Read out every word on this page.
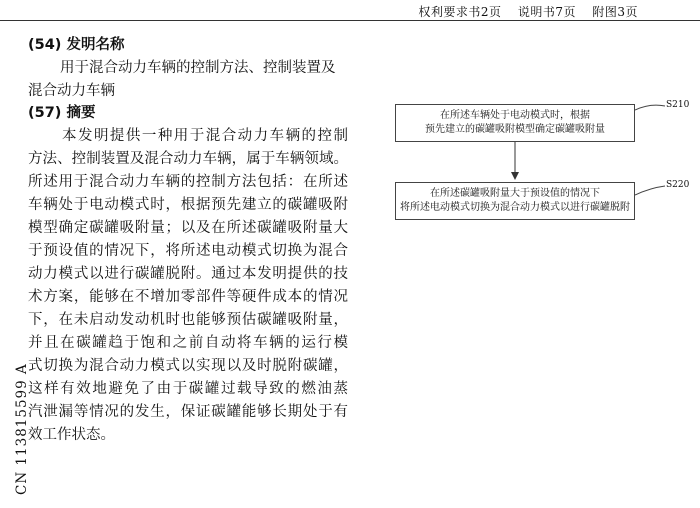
权利要求书2页 说明书7页 附图3页
(54) 发明名称
用于混合动力车辆的控制方法、控制装置及
混合动力车辆
(57) 摘要
本发明提供一种用于混合动力车辆的控制
方法、控制装置及混合动力车辆，属于车辆领域。
所述用于混合动力车辆的控制方法包括：在所述
车辆处于电动模式时，根据预先建立的碳罐吸附
模型确定碳罐吸附量；以及在所述碳罐吸附量大
于预设值的情况下，将所述电动模式切换为混合
动力模式以进行碳罐脱附。通过本发明提供的技
术方案，能够在不增加零部件等硬件成本的情况
下，在未启动发动机时也能够预估碳罐吸附量，
并且在碳罐趋于饱和之前自动将车辆的运行模
式切换为混合动力模式以实现以及时脱附碳罐，
这样有效地避免了由于碳罐过载导致的燃油蒸
汽泄漏等情况的发生，保证碳罐能够长期处于有
效工作状态。
CN 113815599 A
在所述车辆处于电动模式时，根据
预先建立的碳罐吸附模型确定碳罐吸附量
S210
在所述碳罐吸附量大于预设值的情况下
将所述电动模式切换为混合动力模式以进行碳罐脱附
S220
